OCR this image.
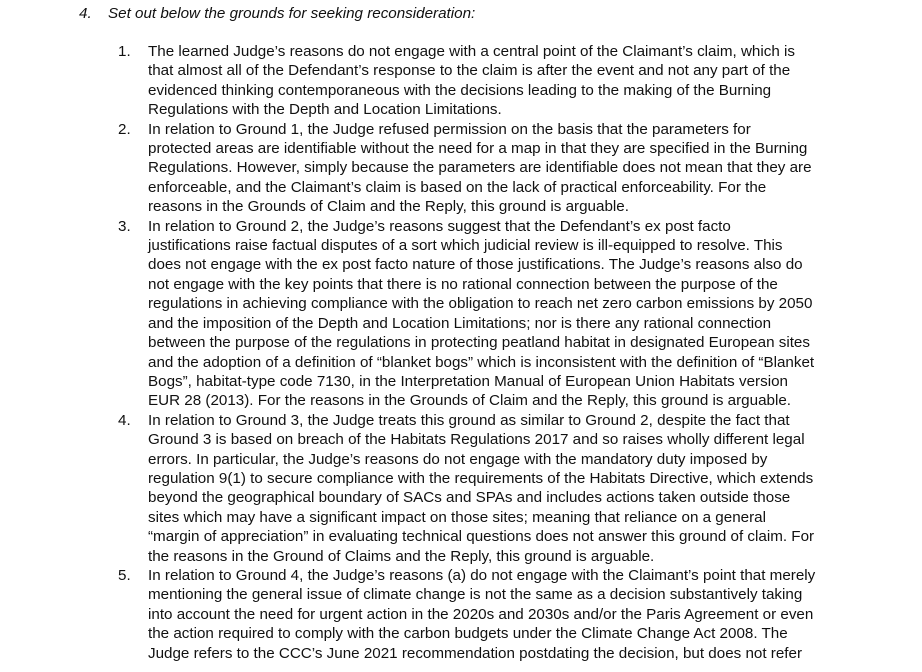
4. Set out below the grounds for seeking reconsideration:
1. The learned Judge’s reasons do not engage with a central point of the Claimant’s claim, which is
that almost all of the Defendant’s response to the claim is after the event and not any part of the
evidenced thinking contemporaneous with the decisions leading to the making of the Burning
Regulations with the Depth and Location Limitations.
2. In relation to Ground 1, the Judge refused permission on the basis that the parameters for
protected areas are identifiable without the need for a map in that they are specified in the Burning
Regulations. However, simply because the parameters are identifiable does not mean that they are
enforceable, and the Claimant’s claim is based on the lack of practical enforceability. For the
reasons in the Grounds of Claim and the Reply, this ground is arguable.
3. In relation to Ground 2, the Judge’s reasons suggest that the Defendant’s ex post facto
justifications raise factual disputes of a sort which judicial review is ill-equipped to resolve. This
does not engage with the ex post facto nature of those justifications. The Judge’s reasons also do
not engage with the key points that there is no rational connection between the purpose of the
regulations in achieving compliance with the obligation to reach net zero carbon emissions by 2050
and the imposition of the Depth and Location Limitations; nor is there any rational connection
between the purpose of the regulations in protecting peatland habitat in designated European sites
and the adoption of a definition of “blanket bogs” which is inconsistent with the definition of “Blanket
Bogs”, habitat-type code 7130, in the Interpretation Manual of European Union Habitats version
EUR 28 (2013). For the reasons in the Grounds of Claim and the Reply, this ground is arguable.
4. In relation to Ground 3, the Judge treats this ground as similar to Ground 2, despite the fact that
Ground 3 is based on breach of the Habitats Regulations 2017 and so raises wholly different legal
errors. In particular, the Judge’s reasons do not engage with the mandatory duty imposed by
regulation 9(1) to secure compliance with the requirements of the Habitats Directive, which extends
beyond the geographical boundary of SACs and SPAs and includes actions taken outside those
sites which may have a significant impact on those sites; meaning that reliance on a general
“margin of appreciation” in evaluating technical questions does not answer this ground of claim. For
the reasons in the Ground of Claims and the Reply, this ground is arguable.
5. In relation to Ground 4, the Judge’s reasons (a) do not engage with the Claimant’s point that merely
mentioning the general issue of climate change is not the same as a decision substantively taking
into account the need for urgent action in the 2020s and 2030s and/or the Paris Agreement or even
the action required to comply with the carbon budgets under the Climate Change Act 2008. The
Judge refers to the CCC’s June 2021 recommendation postdating the decision, but does not refer
